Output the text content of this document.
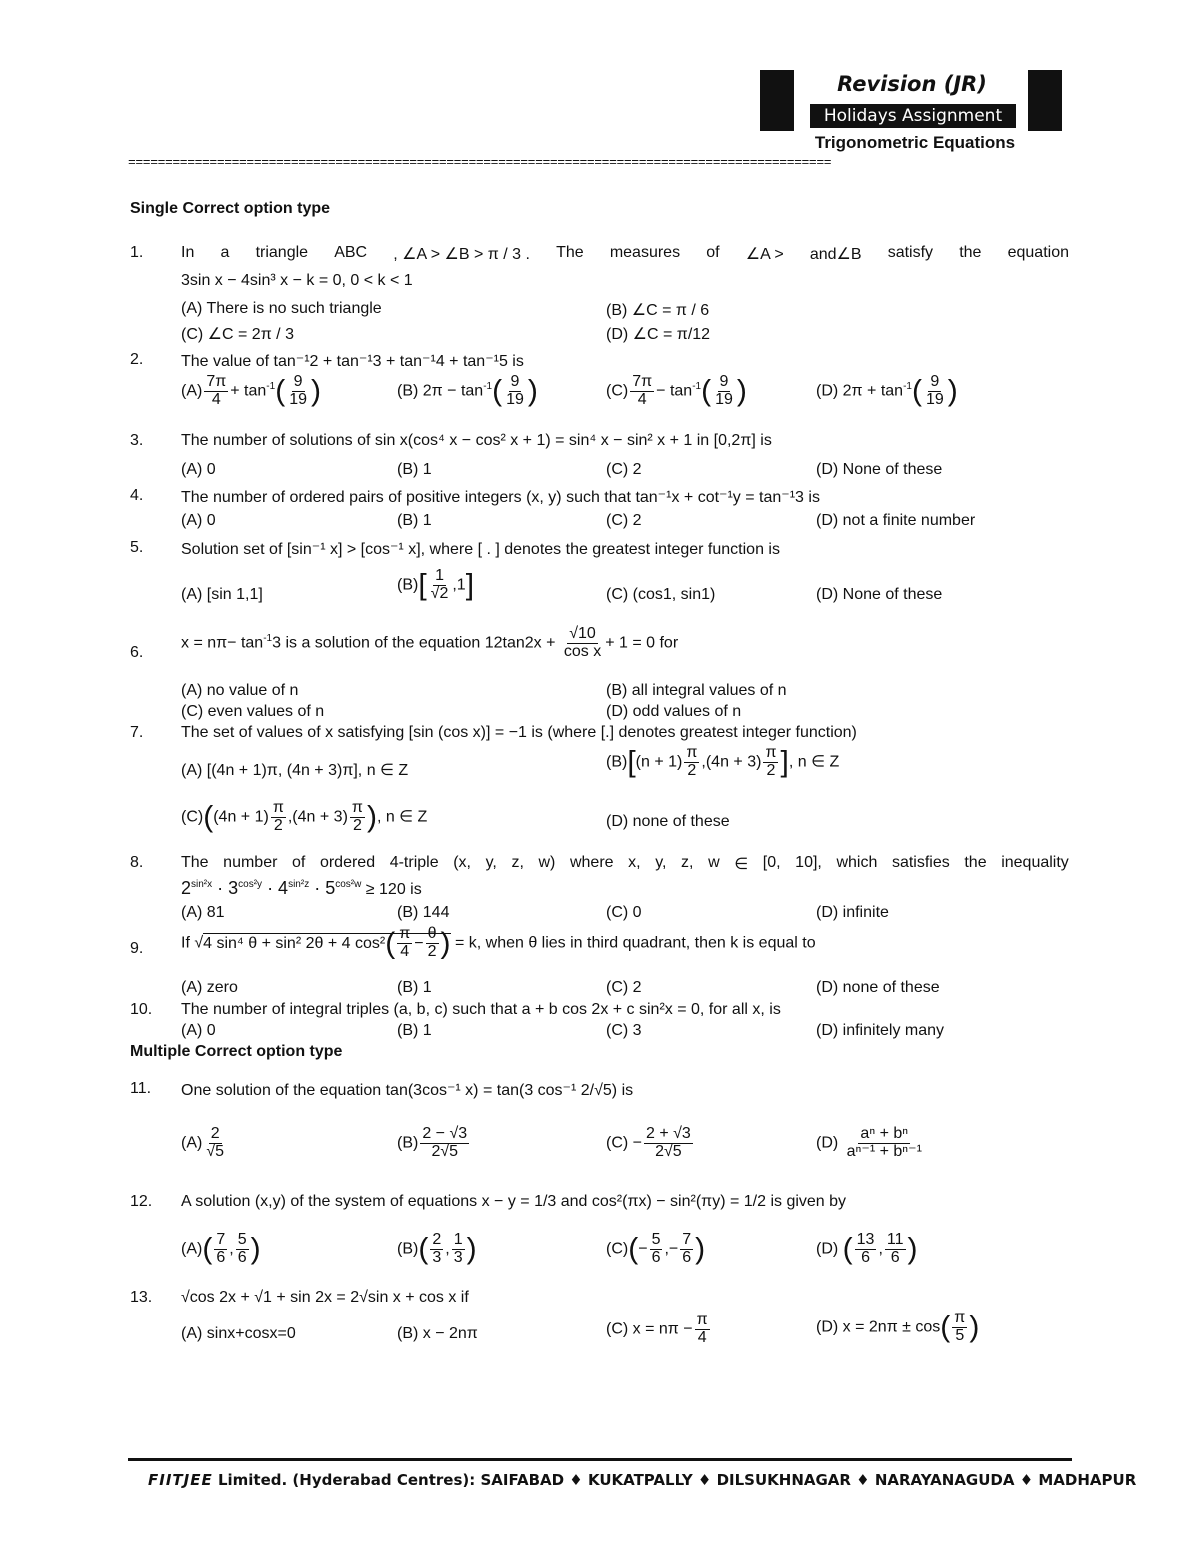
Revision (JR)
Holidays Assignment
Trigonometric Equations
===============================================================================================
Single Correct option type
1. In a triangle ABC , ∠A > ∠B > π / 3 . The measures of ∠A > and∠B satisfy the equation
3sin x − 4sin³ x − k = 0, 0 < k < 1
(A) There is no such triangle	(B) ∠C = π / 6
(C) ∠C = 2π / 3	(D) ∠C = π/12
2. The value of tan⁻¹2 + tan⁻¹3 + tan⁻¹4 + tan⁻¹5 is
$(A) \frac{7\pi}{4} + \tan^{-1}( \frac{9}{19}$ )	(B) $2\pi - \tan^{-1}( \frac{9}{19}$ )	$(C) \frac{7\pi}{4} - \tan^{-1}( \frac{9}{19}$ )	(D) $2\pi + \tan^{-1}( \frac{9}{19}$ )
3. The number of solutions of sin x(cos⁴ x − cos² x + 1) = sin⁴ x − sin² x + 1 in [0,2π] is
(A) 0	(B) 1	(C) 2	(D) None of these
4. The number of ordered pairs of positive integers (x, y) such that tan⁻¹x + cot⁻¹y = tan⁻¹3 is
(A) 0	(B) 1	(C) 2	(D) not a finite number
5. Solution set of [sin⁻¹ x] > [cos⁻¹ x], where [ . ] denotes the greatest integer function is
(A) [sin 1,1]
$(B)[ \frac{1}{√2} ,1]$	(C) (cos1, sin1)	(D) None of these
6.
$x = n\pi- \tan^{-1}3$ is a solution of the equation $12\tan 2x + \frac{√10}{\text{cos x}} + 1 = 0$ for
(A) no value of n	(B) all integral values of n
(C) even values of n	(D) odd values of n
7. The set of values of x satisfying [sin (cos x)] = −1 is (where [.] denotes greatest integer function)
(A) [(4n + 1)π, (4n + 3)π], n ∈ Z	$(B)[(n + 1) \frac{\pi}{2} ,(4n + 3) \frac{\pi}{2}$ ], n ∈ Z
$(C)((4n + 1) \frac{\pi}{2} ,(4n + 3) \frac{\pi}{2}$ ), n ∈ Z	(D) none of these
8. The number of ordered 4-triple (x, y, z, w) where x, y, z, w ∈ [0, 10], which satisfies the inequality
$2^{sin^2x} \cdot 3^{cos^2y} \cdot 4^{sin^2z} \cdot 5^{cos^2w} \ge 120$ is
(A) 81	(B) 144	(C) 0	(D) infinite
9. If √4 sin⁴ θ + sin² 2θ + 4 $\cos^2( \frac{\pi}{4} - \frac{\theta}{2}$ ) = k, when θ lies in third quadrant, then k is equal to
(A) zero	(B) 1	(C) 2	(D) none of these
10. The number of integral triples (a, b, c) such that a + b cos 2x + c sin²x = 0, for all x, is
(A) 0	(B) 1	(C) 3	(D) infinitely many
Multiple Correct option type
11. One solution of the equation tan(3cos⁻¹ x) = tan(3 cos⁻¹ 2/√5) is
$(A) \frac{2}{√5}$	$(B) \frac{2 - √3}{2√5}$	$(C) - \frac{2 + √3}{2√5}$	$(D) \frac{\text{aⁿ + bⁿ}}{\text{aⁿ⁻¹ + bⁿ⁻¹}}$
12. A solution (x,y) of the system of equations x − y = 1/3 and cos²(πx) − sin²(πy) = 1/2 is given by
$(A)( \frac{7}{6}$ , $\frac{5}{6}$ )	$(B)( \frac{2}{3}$ , $\frac{1}{3}$ )	$(C)(- \frac{5}{6}$ ,− $\frac{7}{6}$ )	(D) ( $\frac{13}{6}$ , $\frac{11}{6}$ )
13. √cos 2x + √1 + sin 2x = 2√sin x + cos x if
(A) sinx+cosx=0	(B) x − 2nπ	(C) $x = n\pi - \frac{\pi}{4}$	(D) $x = 2n\pi \pm \cos( \frac{\pi}{5}$ )
FIITJEE Limited. (Hyderabad Centres): SAIFABAD ♦ KUKATPALLY ♦ DILSUKHNAGAR ♦ NARAYANAGUDA ♦ MADHAPUR
